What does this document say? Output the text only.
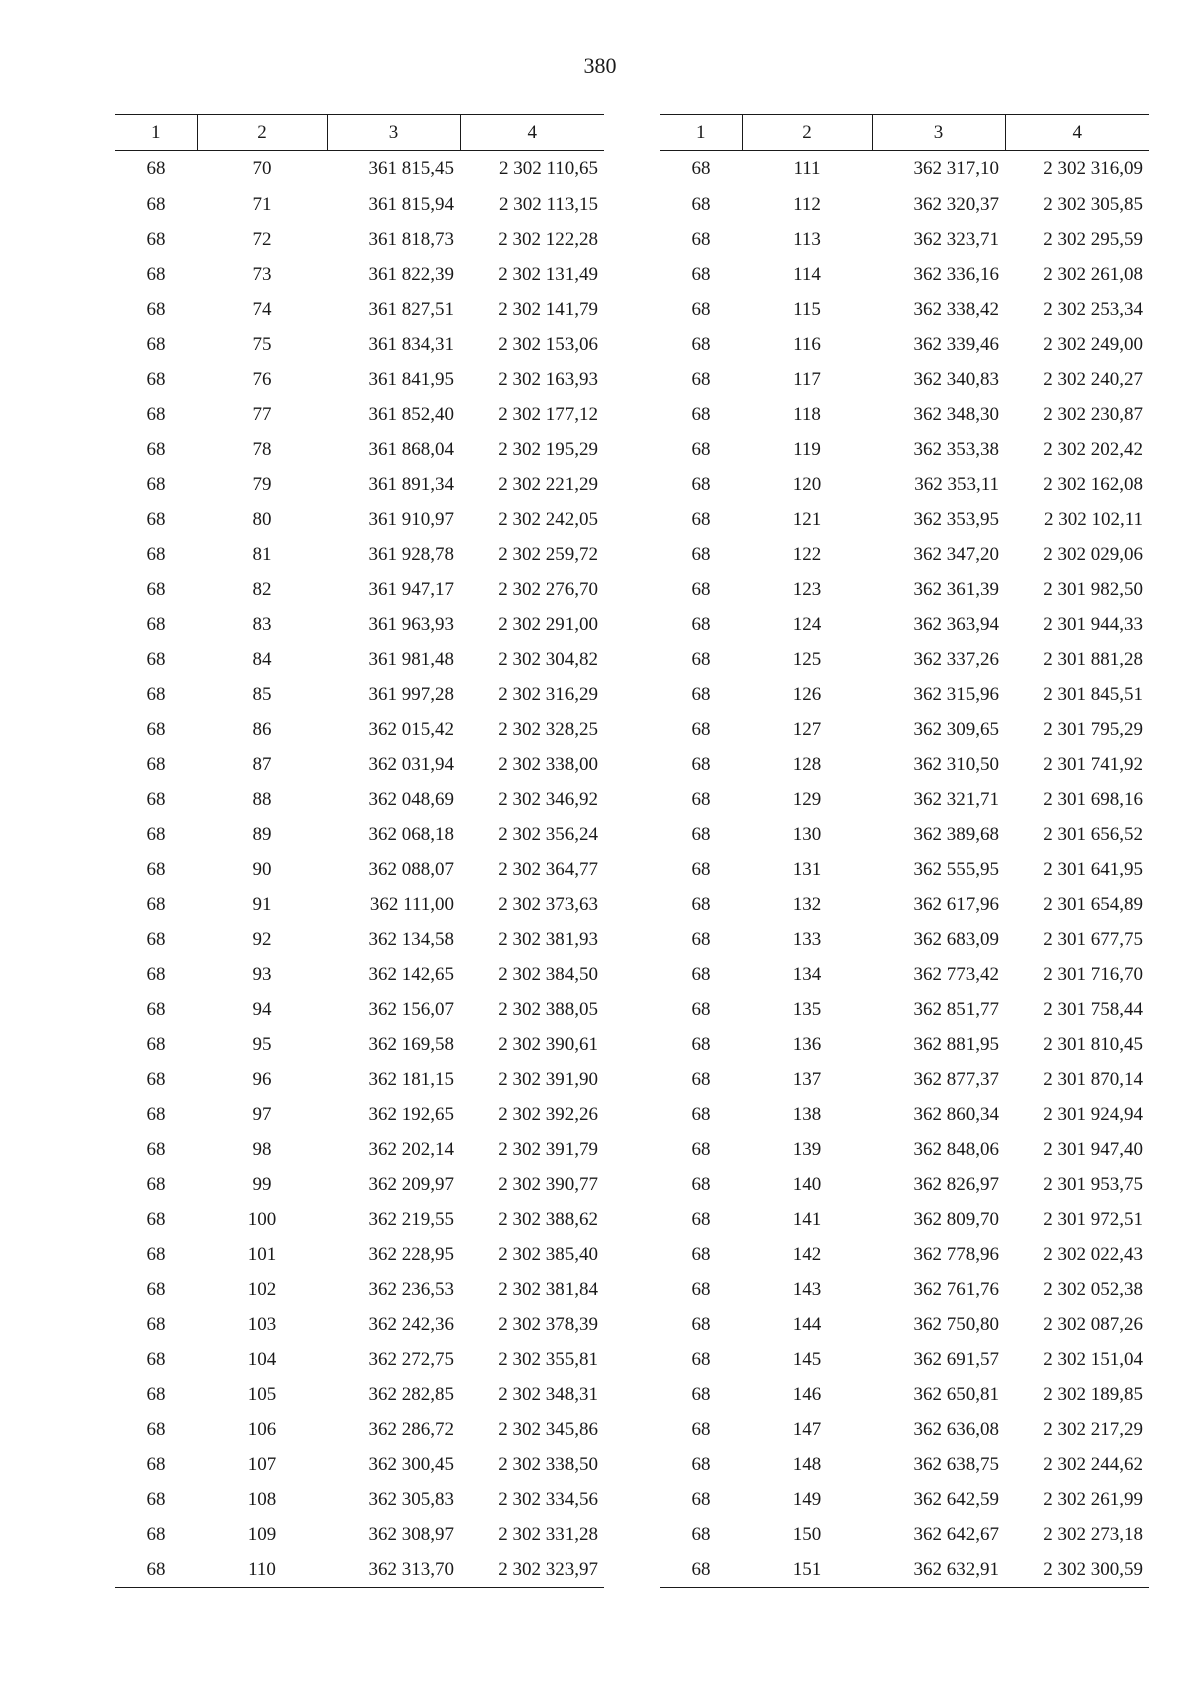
380
1	2	3	4
68	70	361 815,45	2 302 110,65
68	71	361 815,94	2 302 113,15
68	72	361 818,73	2 302 122,28
68	73	361 822,39	2 302 131,49
68	74	361 827,51	2 302 141,79
68	75	361 834,31	2 302 153,06
68	76	361 841,95	2 302 163,93
68	77	361 852,40	2 302 177,12
68	78	361 868,04	2 302 195,29
68	79	361 891,34	2 302 221,29
68	80	361 910,97	2 302 242,05
68	81	361 928,78	2 302 259,72
68	82	361 947,17	2 302 276,70
68	83	361 963,93	2 302 291,00
68	84	361 981,48	2 302 304,82
68	85	361 997,28	2 302 316,29
68	86	362 015,42	2 302 328,25
68	87	362 031,94	2 302 338,00
68	88	362 048,69	2 302 346,92
68	89	362 068,18	2 302 356,24
68	90	362 088,07	2 302 364,77
68	91	362 111,00	2 302 373,63
68	92	362 134,58	2 302 381,93
68	93	362 142,65	2 302 384,50
68	94	362 156,07	2 302 388,05
68	95	362 169,58	2 302 390,61
68	96	362 181,15	2 302 391,90
68	97	362 192,65	2 302 392,26
68	98	362 202,14	2 302 391,79
68	99	362 209,97	2 302 390,77
68	100	362 219,55	2 302 388,62
68	101	362 228,95	2 302 385,40
68	102	362 236,53	2 302 381,84
68	103	362 242,36	2 302 378,39
68	104	362 272,75	2 302 355,81
68	105	362 282,85	2 302 348,31
68	106	362 286,72	2 302 345,86
68	107	362 300,45	2 302 338,50
68	108	362 305,83	2 302 334,56
68	109	362 308,97	2 302 331,28
68	110	362 313,70	2 302 323,97
1	2	3	4
68	111	362 317,10	2 302 316,09
68	112	362 320,37	2 302 305,85
68	113	362 323,71	2 302 295,59
68	114	362 336,16	2 302 261,08
68	115	362 338,42	2 302 253,34
68	116	362 339,46	2 302 249,00
68	117	362 340,83	2 302 240,27
68	118	362 348,30	2 302 230,87
68	119	362 353,38	2 302 202,42
68	120	362 353,11	2 302 162,08
68	121	362 353,95	2 302 102,11
68	122	362 347,20	2 302 029,06
68	123	362 361,39	2 301 982,50
68	124	362 363,94	2 301 944,33
68	125	362 337,26	2 301 881,28
68	126	362 315,96	2 301 845,51
68	127	362 309,65	2 301 795,29
68	128	362 310,50	2 301 741,92
68	129	362 321,71	2 301 698,16
68	130	362 389,68	2 301 656,52
68	131	362 555,95	2 301 641,95
68	132	362 617,96	2 301 654,89
68	133	362 683,09	2 301 677,75
68	134	362 773,42	2 301 716,70
68	135	362 851,77	2 301 758,44
68	136	362 881,95	2 301 810,45
68	137	362 877,37	2 301 870,14
68	138	362 860,34	2 301 924,94
68	139	362 848,06	2 301 947,40
68	140	362 826,97	2 301 953,75
68	141	362 809,70	2 301 972,51
68	142	362 778,96	2 302 022,43
68	143	362 761,76	2 302 052,38
68	144	362 750,80	2 302 087,26
68	145	362 691,57	2 302 151,04
68	146	362 650,81	2 302 189,85
68	147	362 636,08	2 302 217,29
68	148	362 638,75	2 302 244,62
68	149	362 642,59	2 302 261,99
68	150	362 642,67	2 302 273,18
68	151	362 632,91	2 302 300,59
